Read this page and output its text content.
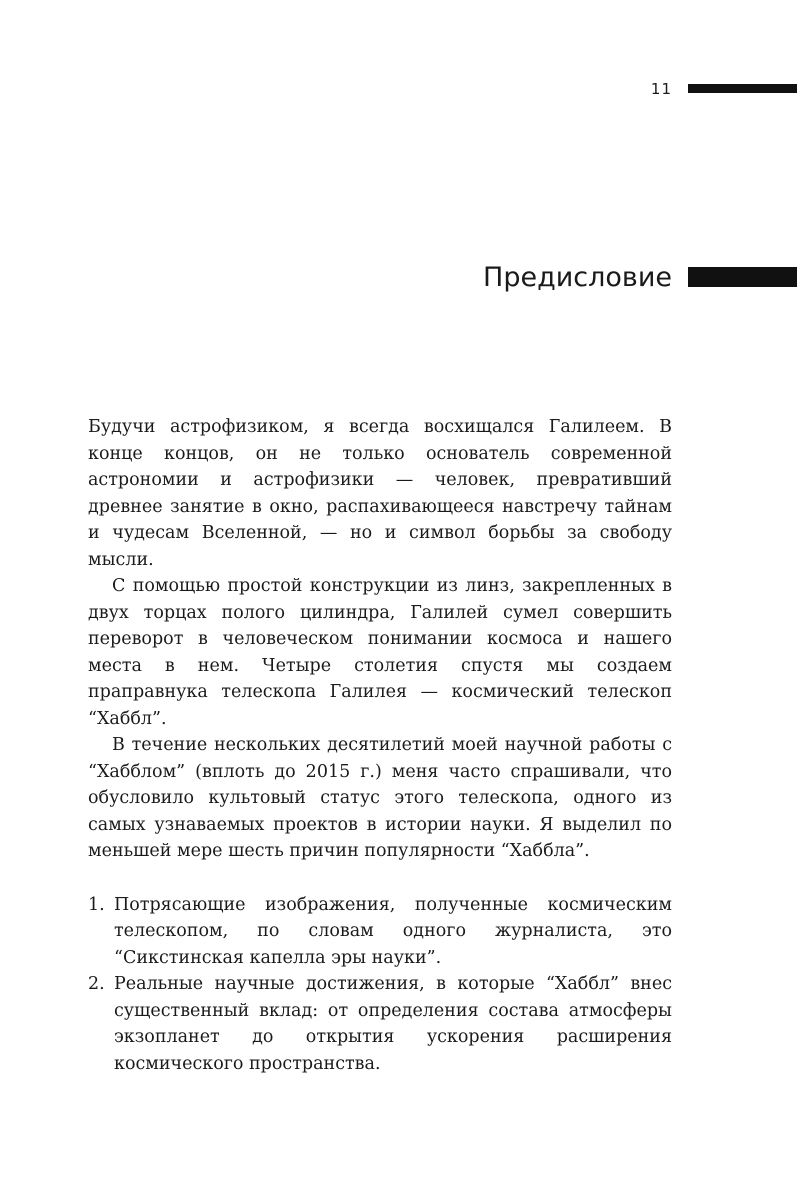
11
Предисловие

Будучи астрофизиком, я всегда восхищался Галилеем. В конце концов, он не только основатель современной астрономии и астрофизики — человек, превративший древнее занятие в окно, распахивающееся навстречу тайнам и чудесам Вселенной, — но и символ борьбы за свободу мысли.

С помощью простой конструкции из линз, закрепленных в двух торцах полого цилиндра, Галилей сумел совершить переворот в человеческом понимании космоса и нашего места в нем. Четыре столетия спустя мы создаем праправнука телескопа Галилея — космический телескоп “Хаббл”.

В течение нескольких десятилетий моей научной работы с “Хабблом” (вплоть до 2015 г.) меня часто спрашивали, что обусловило культовый статус этого телескопа, одного из самых узнаваемых проектов в истории науки. Я выделил по меньшей мере шесть причин популярности “Хаббла”.

1. Потрясающие изображения, полученные космическим телескопом, по словам одного журналиста, это “Сикстинская капелла эры науки”.
2. Реальные научные достижения, в которые “Хаббл” внес существенный вклад: от определения состава атмосферы экзопланет до открытия ускорения расширения космического пространства.
